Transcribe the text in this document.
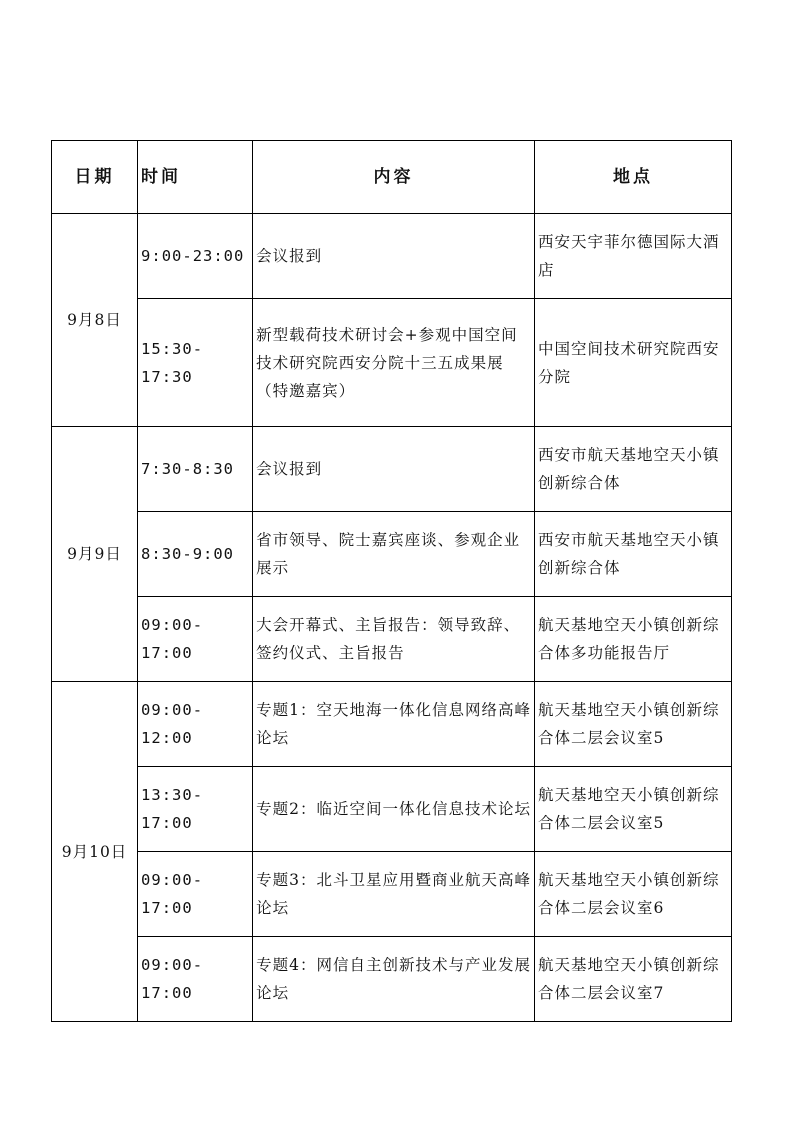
日期	时间	内容	地点
9月8日	9:00-23:00	会议报到	西安天宇菲尔德国际大酒店
	15:30-17:30	新型载荷技术研讨会+参观中国空间技术研究院西安分院十三五成果展（特邀嘉宾）	中国空间技术研究院西安分院
9月9日	7:30-8:30	会议报到	西安市航天基地空天小镇创新综合体
	8:30-9:00	省市领导、院士嘉宾座谈、参观企业展示	西安市航天基地空天小镇创新综合体
	09:00-17:00	大会开幕式、主旨报告：领导致辞、签约仪式、主旨报告	航天基地空天小镇创新综合体多功能报告厅
9月10日	09:00-12:00	专题1：空天地海一体化信息网络高峰论坛	航天基地空天小镇创新综合体二层会议室5
	13:30-17:00	专题2：临近空间一体化信息技术论坛	航天基地空天小镇创新综合体二层会议室5
	09:00-17:00	专题3：北斗卫星应用暨商业航天高峰论坛	航天基地空天小镇创新综合体二层会议室6
	09:00-17:00	专题4：网信自主创新技术与产业发展论坛	航天基地空天小镇创新综合体二层会议室7
